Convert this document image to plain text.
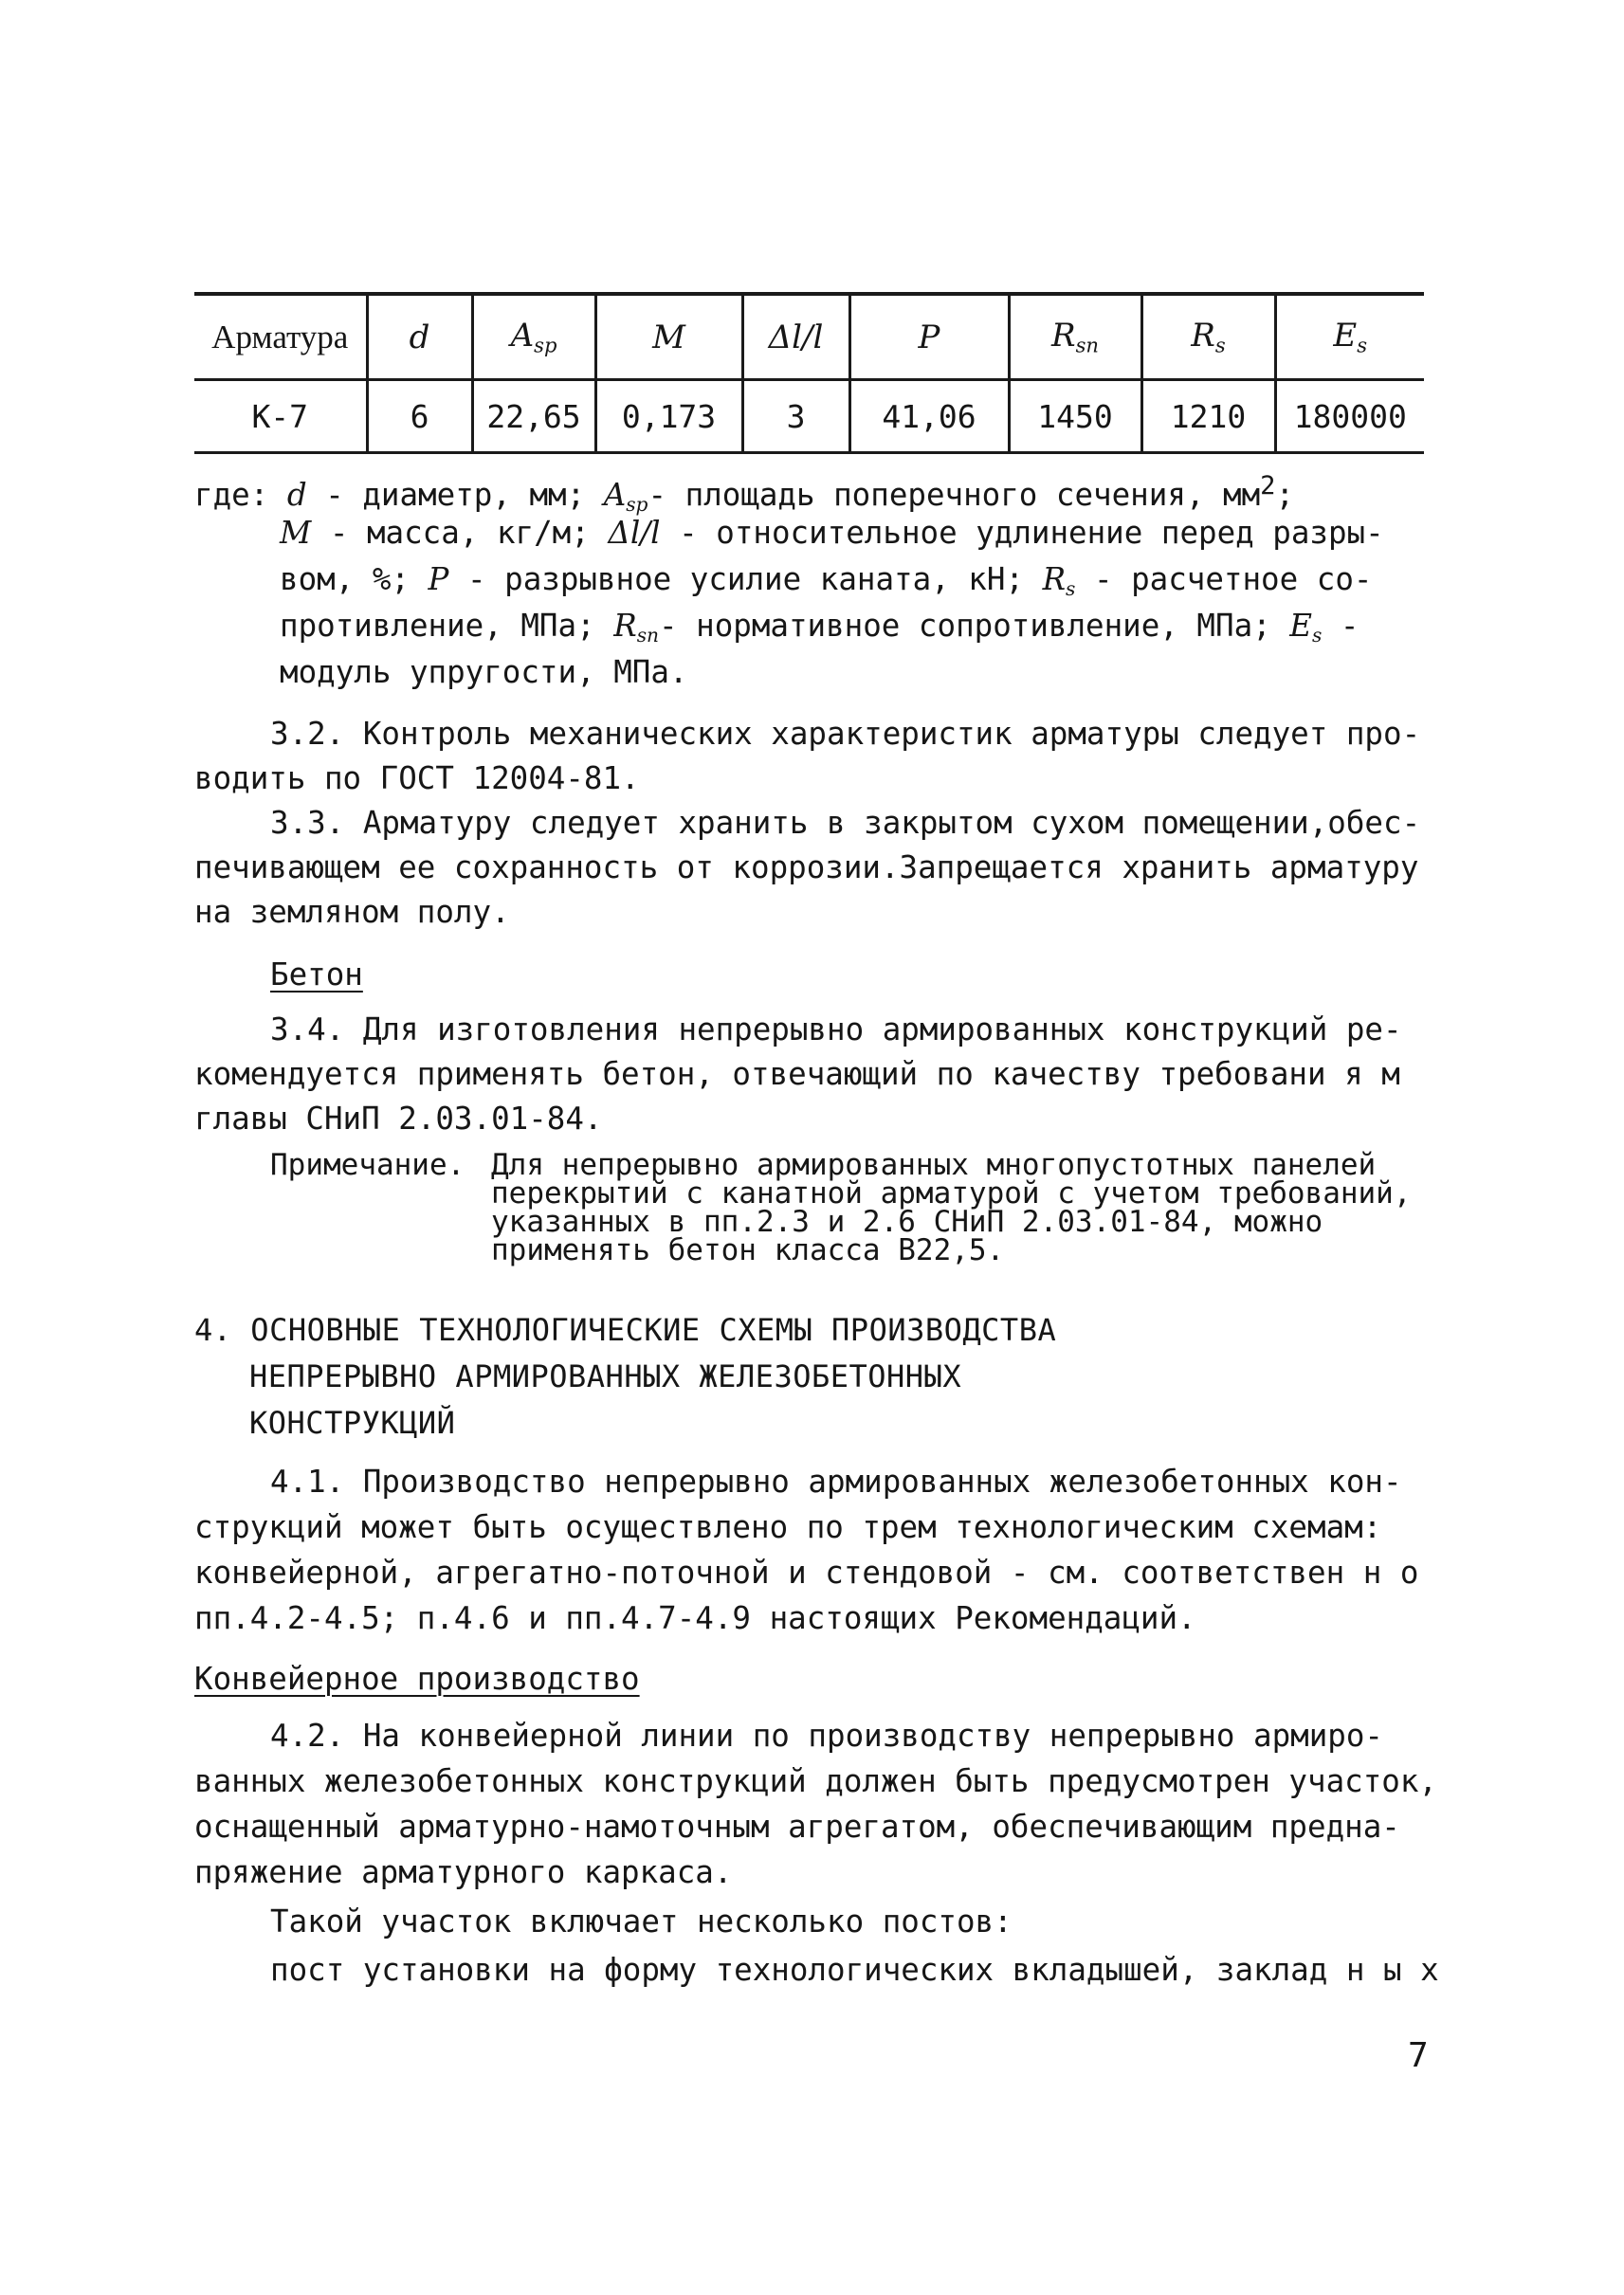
Арматура	d	$A_{sp}$	M	Δl/l	P	$R_{sn}$	$R_s$	$E_s$
К-7	6	22,65	0,173	3	41,06	1450	1210	180000

где: d - диаметр, мм; $A_{sp}-$ площадь поперечного сечения, $мм^2$;

M - масса, кг/м; Δl/l - относительное удлинение перед разры-

вом, %; P - разрывное усилие каната, кН; $R_s$ - расчетное со-

противление, МПа; $R_{sn}-$ нормативное сопротивление, МПа; $E_s$ -

модуль упругости, МПа.

3.2. Контроль механических характеристик арматуры следует про-

водить по ГОСТ 12004-81.

3.3. Арматуру следует хранить в закрытом сухом помещении,обес-

печивающем ее сохранность от коррозии.Запрещается хранить арматуру

на земляном полу.

Бетон

3.4. Для изготовления непрерывно армированных конструкций ре-

комендуется применять бетон, отвечающий по качеству требовани я м

главы СНиП 2.03.01-84.

Примечание. Для непрерывно армированных многопустотных панелей

перекрытий с канатной арматурой с учетом требований,

указанных в пп.2.3 и 2.6 СНиП 2.03.01-84, можно

применять бетон класса В22,5.

4. ОСНОВНЫЕ ТЕХНОЛОГИЧЕСКИЕ СХЕМЫ ПРОИЗВОДСТВА

НЕПРЕРЫВНО АРМИРОВАННЫХ ЖЕЛЕЗОБЕТОННЫХ

КОНСТРУКЦИЙ

4.1. Производство непрерывно армированных железобетонных кон-

струкций может быть осуществлено по трем технологическим схемам:

конвейерной, агрегатно-поточной и стендовой - см. соответствен н о

пп.4.2-4.5; п.4.6 и пп.4.7-4.9 настоящих Рекомендаций.

Конвейерное производство

4.2. На конвейерной линии по производству непрерывно армиро-

ванных железобетонных конструкций должен быть предусмотрен участок,

оснащенный арматурно-намоточным агрегатом, обеспечивающим предна-

пряжение арматурного каркаса.

Такой участок включает несколько постов:

пост установки на форму технологических вкладышей, заклад н ы х

7
